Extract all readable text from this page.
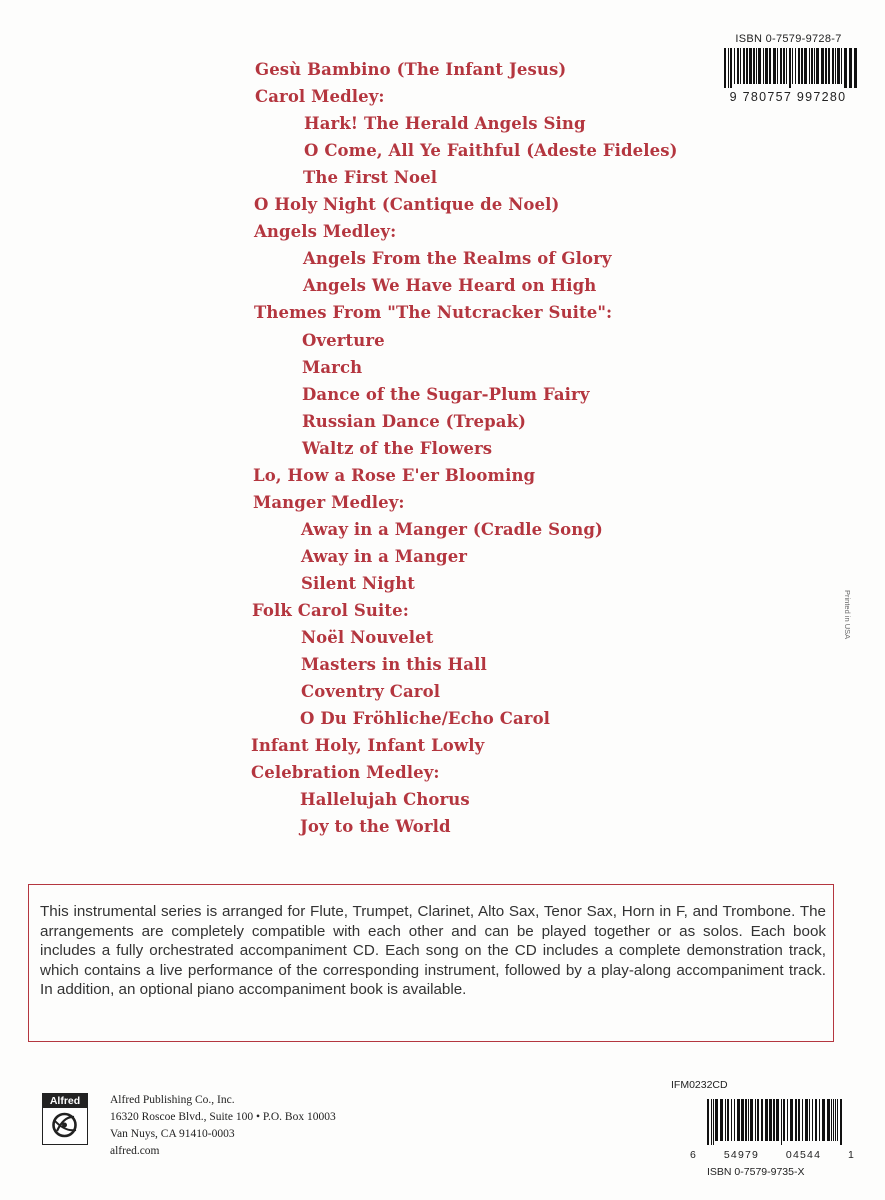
Gesù Bambino (The Infant Jesus)
Carol Medley:
Hark! The Herald Angels Sing
O Come, All Ye Faithful (Adeste Fideles)
The First Noel
O Holy Night (Cantique de Noel)
Angels Medley:
Angels From the Realms of Glory
Angels We Have Heard on High
Themes From "The Nutcracker Suite":
Overture
March
Dance of the Sugar-Plum Fairy
Russian Dance (Trepak)
Waltz of the Flowers
Lo, How a Rose E'er Blooming
Manger Medley:
Away in a Manger (Cradle Song)
Away in a Manger
Silent Night
Folk Carol Suite:
Noël Nouvelet
Masters in this Hall
Coventry Carol
O Du Fröhliche/Echo Carol
Infant Holy, Infant Lowly
Celebration Medley:
Hallelujah Chorus
Joy to the World
ISBN 0-7579-9728-7
9 780757 997280
Printed in USA

This instrumental series is arranged for Flute, Trumpet, Clarinet, Alto Sax, Tenor Sax, Horn in F, and Trombone. The arrangements are completely compatible with each other and can be played together or as solos. Each book includes a fully orchestrated accompaniment CD. Each song on the CD includes a complete demonstration track, which contains a live performance of the corresponding instrument, followed by a play-along accompaniment track. In addition, an optional piano accompaniment book is available.

Alfred	Alfred Publishing Co., Inc.
16320 Roscoe Blvd., Suite 100 • P.O. Box 10003
Van Nuys, CA 91410-0003
alfred.com
IFM0232CD
6	54979	04544	1
ISBN 0-7579-9735-X
